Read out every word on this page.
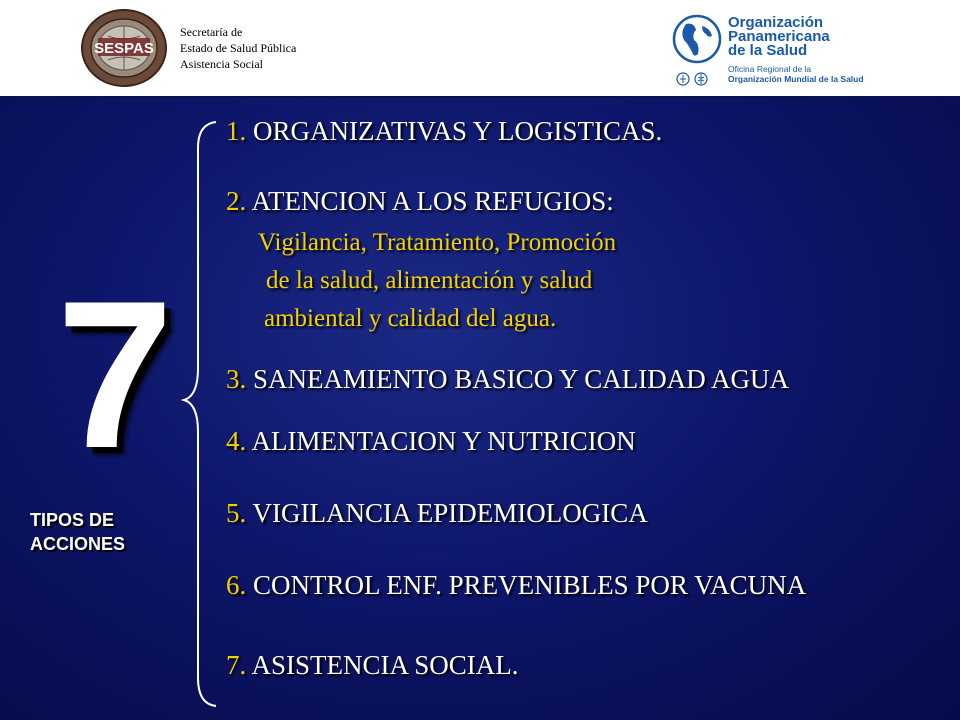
SESPAS
Secretaría de
Estado de Salud Pública
Asistencia Social
Organización
Panamericana
de la Salud
Oficina Regional de la
Organización Mundial de la Salud
7
TIPOS DE
ACCIONES
1. ORGANIZATIVAS Y LOGISTICAS.
2. ATENCION A LOS REFUGIOS:
Vigilancia, Tratamiento, Promoción
de la salud, alimentación y salud
ambiental y calidad del agua.
3. SANEAMIENTO BASICO Y CALIDAD AGUA
4. ALIMENTACION Y NUTRICION
5. VIGILANCIA EPIDEMIOLOGICA
6. CONTROL ENF. PREVENIBLES POR VACUNA
7. ASISTENCIA SOCIAL.
